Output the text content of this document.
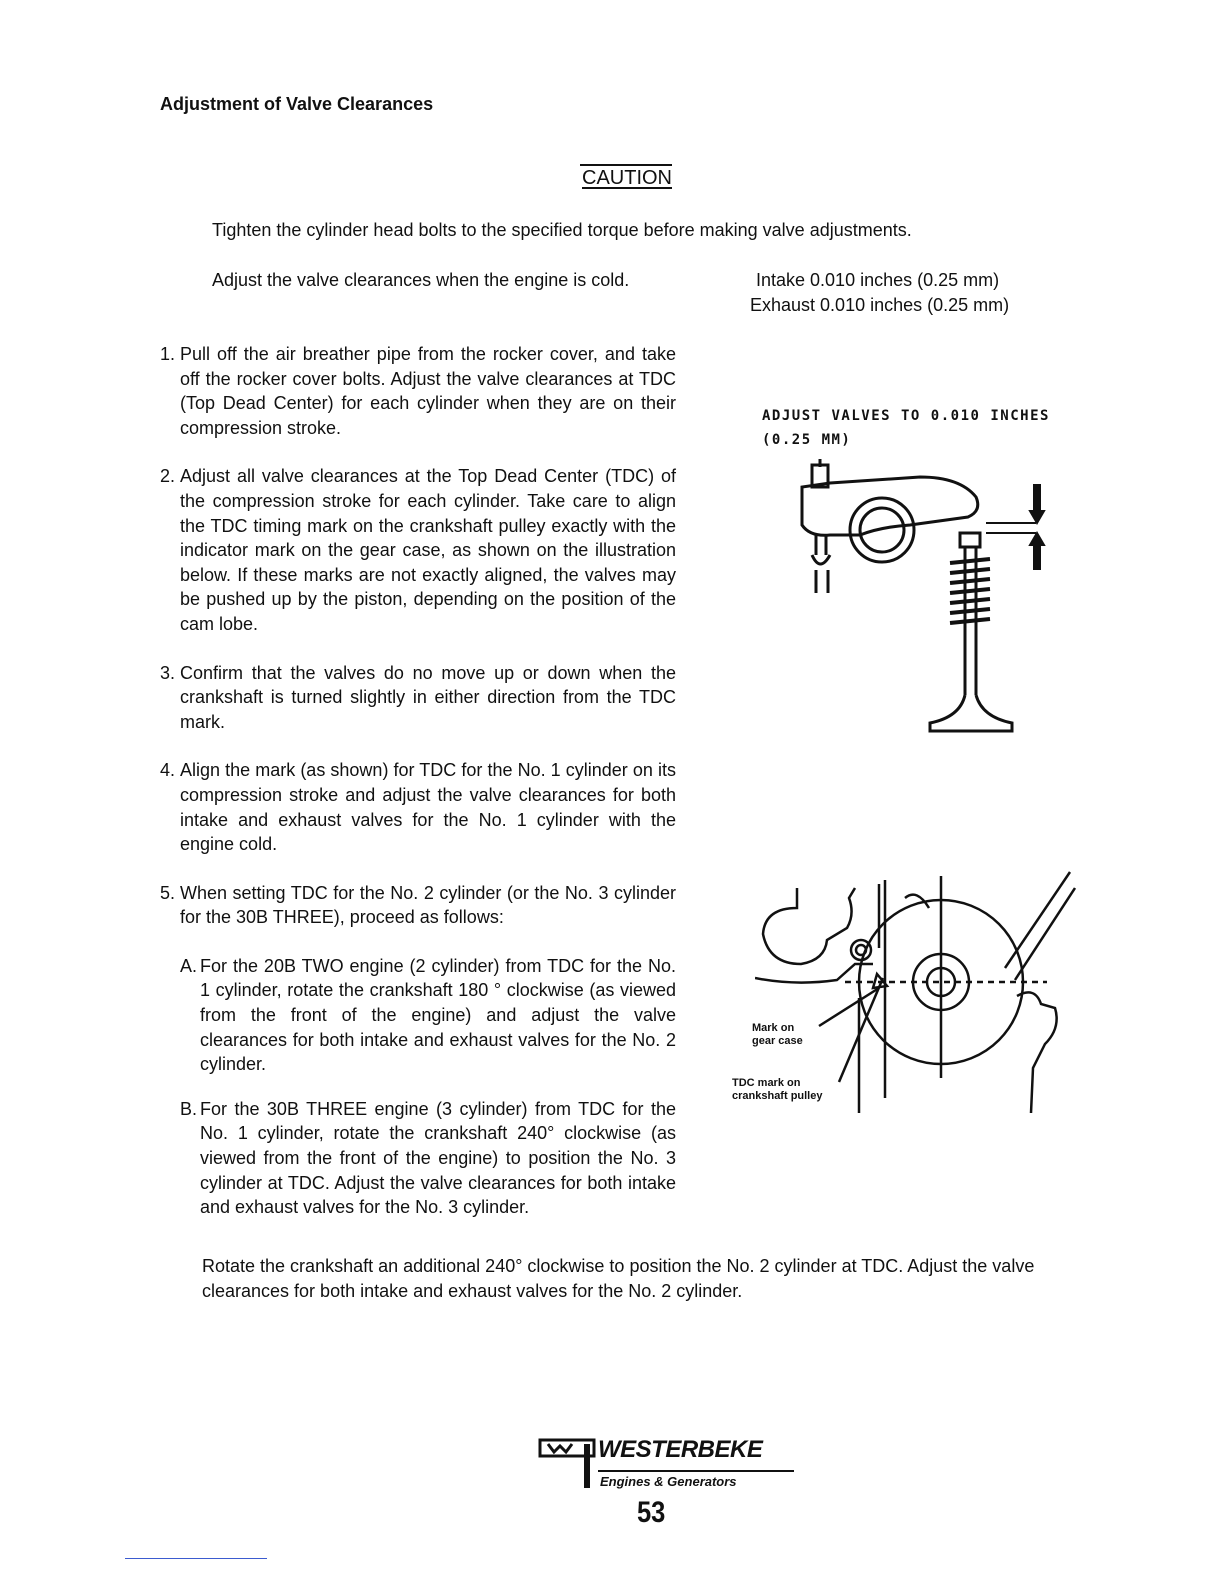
Adjustment of Valve Clearances
CAUTION
Tighten the cylinder head bolts to the specified torque before making valve adjustments.
Adjust the valve clearances when the engine is cold.	Intake 0.010 inches (0.25 mm)
Exhaust 0.010 inches (0.25 mm)
1. Pull off the air breather pipe from the rocker cover, and take off the rocker cover bolts. Adjust the valve clearances at TDC (Top Dead Center) for each cylinder when they are on their compression stroke.
2. Adjust all valve clearances at the Top Dead Center (TDC) of the compression stroke for each cylinder. Take care to align the TDC timing mark on the crankshaft pulley exactly with the indicator mark on the gear case, as shown on the illustration below. If these marks are not exactly aligned, the valves may be pushed up by the piston, depending on the position of the cam lobe.
3. Confirm that the valves do no move up or down when the crankshaft is turned slightly in either direction from the TDC mark.
4. Align the mark (as shown) for TDC for the No. 1 cylinder on its compression stroke and adjust the valve clearances for both intake and exhaust valves for the No. 1 cylinder with the engine cold.
5. When setting TDC for the No. 2 cylinder (or the No. 3 cylinder for the 30B THREE), proceed as follows:
A. For the 20B TWO engine (2 cylinder) from TDC for the No. 1 cylinder, rotate the crankshaft 180 ° clockwise (as viewed from the front of the engine) and adjust the valve clearances for both intake and exhaust valves for the No. 2 cylinder.
B. For the 30B THREE engine (3 cylinder) from TDC for the No. 1 cylinder, rotate the crankshaft 240° clockwise (as viewed from the front of the engine) to position the No. 3 cylinder at TDC. Adjust the valve clearances for both intake and exhaust valves for the No. 3 cylinder.
ADJUST VALVES TO 0.010 INCHES
(0.25 MM)
Mark on
gear case
TDC mark on
crankshaft pulley
Rotate the crankshaft an additional 240° clockwise to position the No. 2 cylinder at TDC. Adjust the valve clearances for both intake and exhaust valves for the No. 2 cylinder.
WESTERBEKE
Engines & Generators
53
